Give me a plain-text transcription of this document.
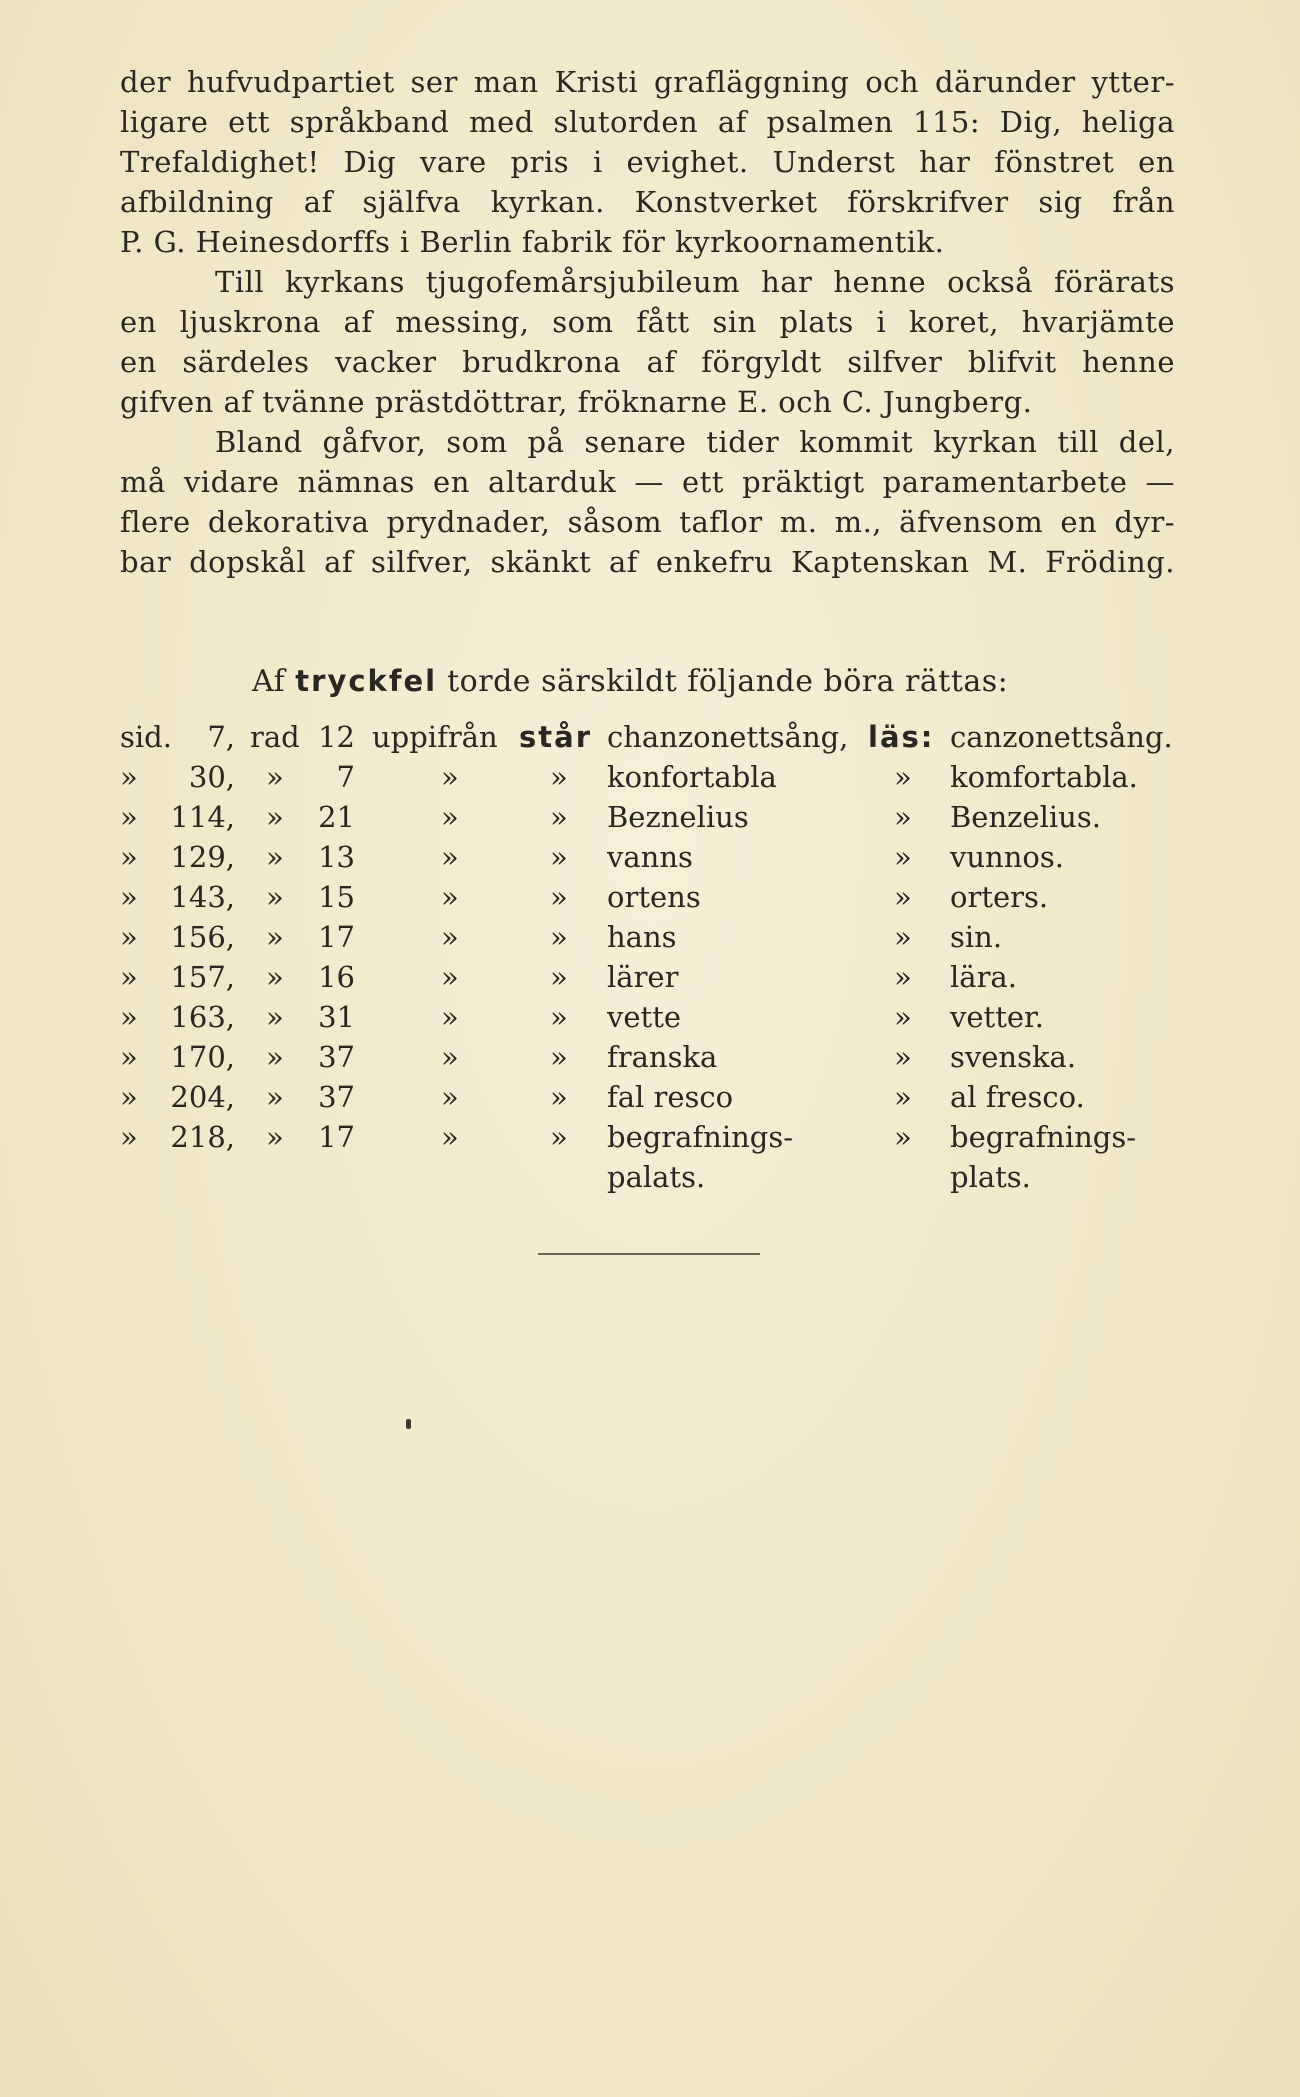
der hufvudpartiet ser man Kristi grafläggning och därunder ytter-
ligare ett språkband med slutorden af psalmen 115: Dig, heliga
Trefaldighet! Dig vare pris i evighet. Underst har fönstret en
afbildning af själfva kyrkan. Konstverket förskrifver sig från
P. G. Heinesdorffs i Berlin fabrik för kyrkoornamentik.
Till kyrkans tjugofemårsjubileum har henne också förärats
en ljuskrona af messing, som fått sin plats i koret, hvarjämte
en särdeles vacker brudkrona af förgyldt silfver blifvit henne
gifven af tvänne prästdöttrar, fröknarne E. och C. Jungberg.
Bland gåfvor, som på senare tider kommit kyrkan till del,
må vidare nämnas en altarduk — ett präktigt paramentarbete —
flere dekorativa prydnader, såsom taflor m. m., äfvensom en dyr-
bar dopskål af silfver, skänkt af enkefru Kaptenskan M. Fröding.
Af tryckfel torde särskildt följande böra rättas:
sid.	7, rad 12 uppifrån står chanzonettsång, läs: canzonettsång.
»	30, »	7	»	» konfortabla	» komfortabla.
»	114, » 21	»	» Beznelius	» Benzelius.
»	129, » 13	»	» vanns	» vunnos.
»	143, » 15	»	» ortens	» orters.
»	156, » 17	»	» hans	» sin.
»	157, » 16	»	» lärer	» lära.
»	163, » 31	»	» vette	» vetter.
»	170, » 37	»	» franska	» svenska.
»	204, » 37	»	» fal resco	» al fresco.
»	218, » 17	»	» begrafnings-	» begrafnings-
palats.	plats.
